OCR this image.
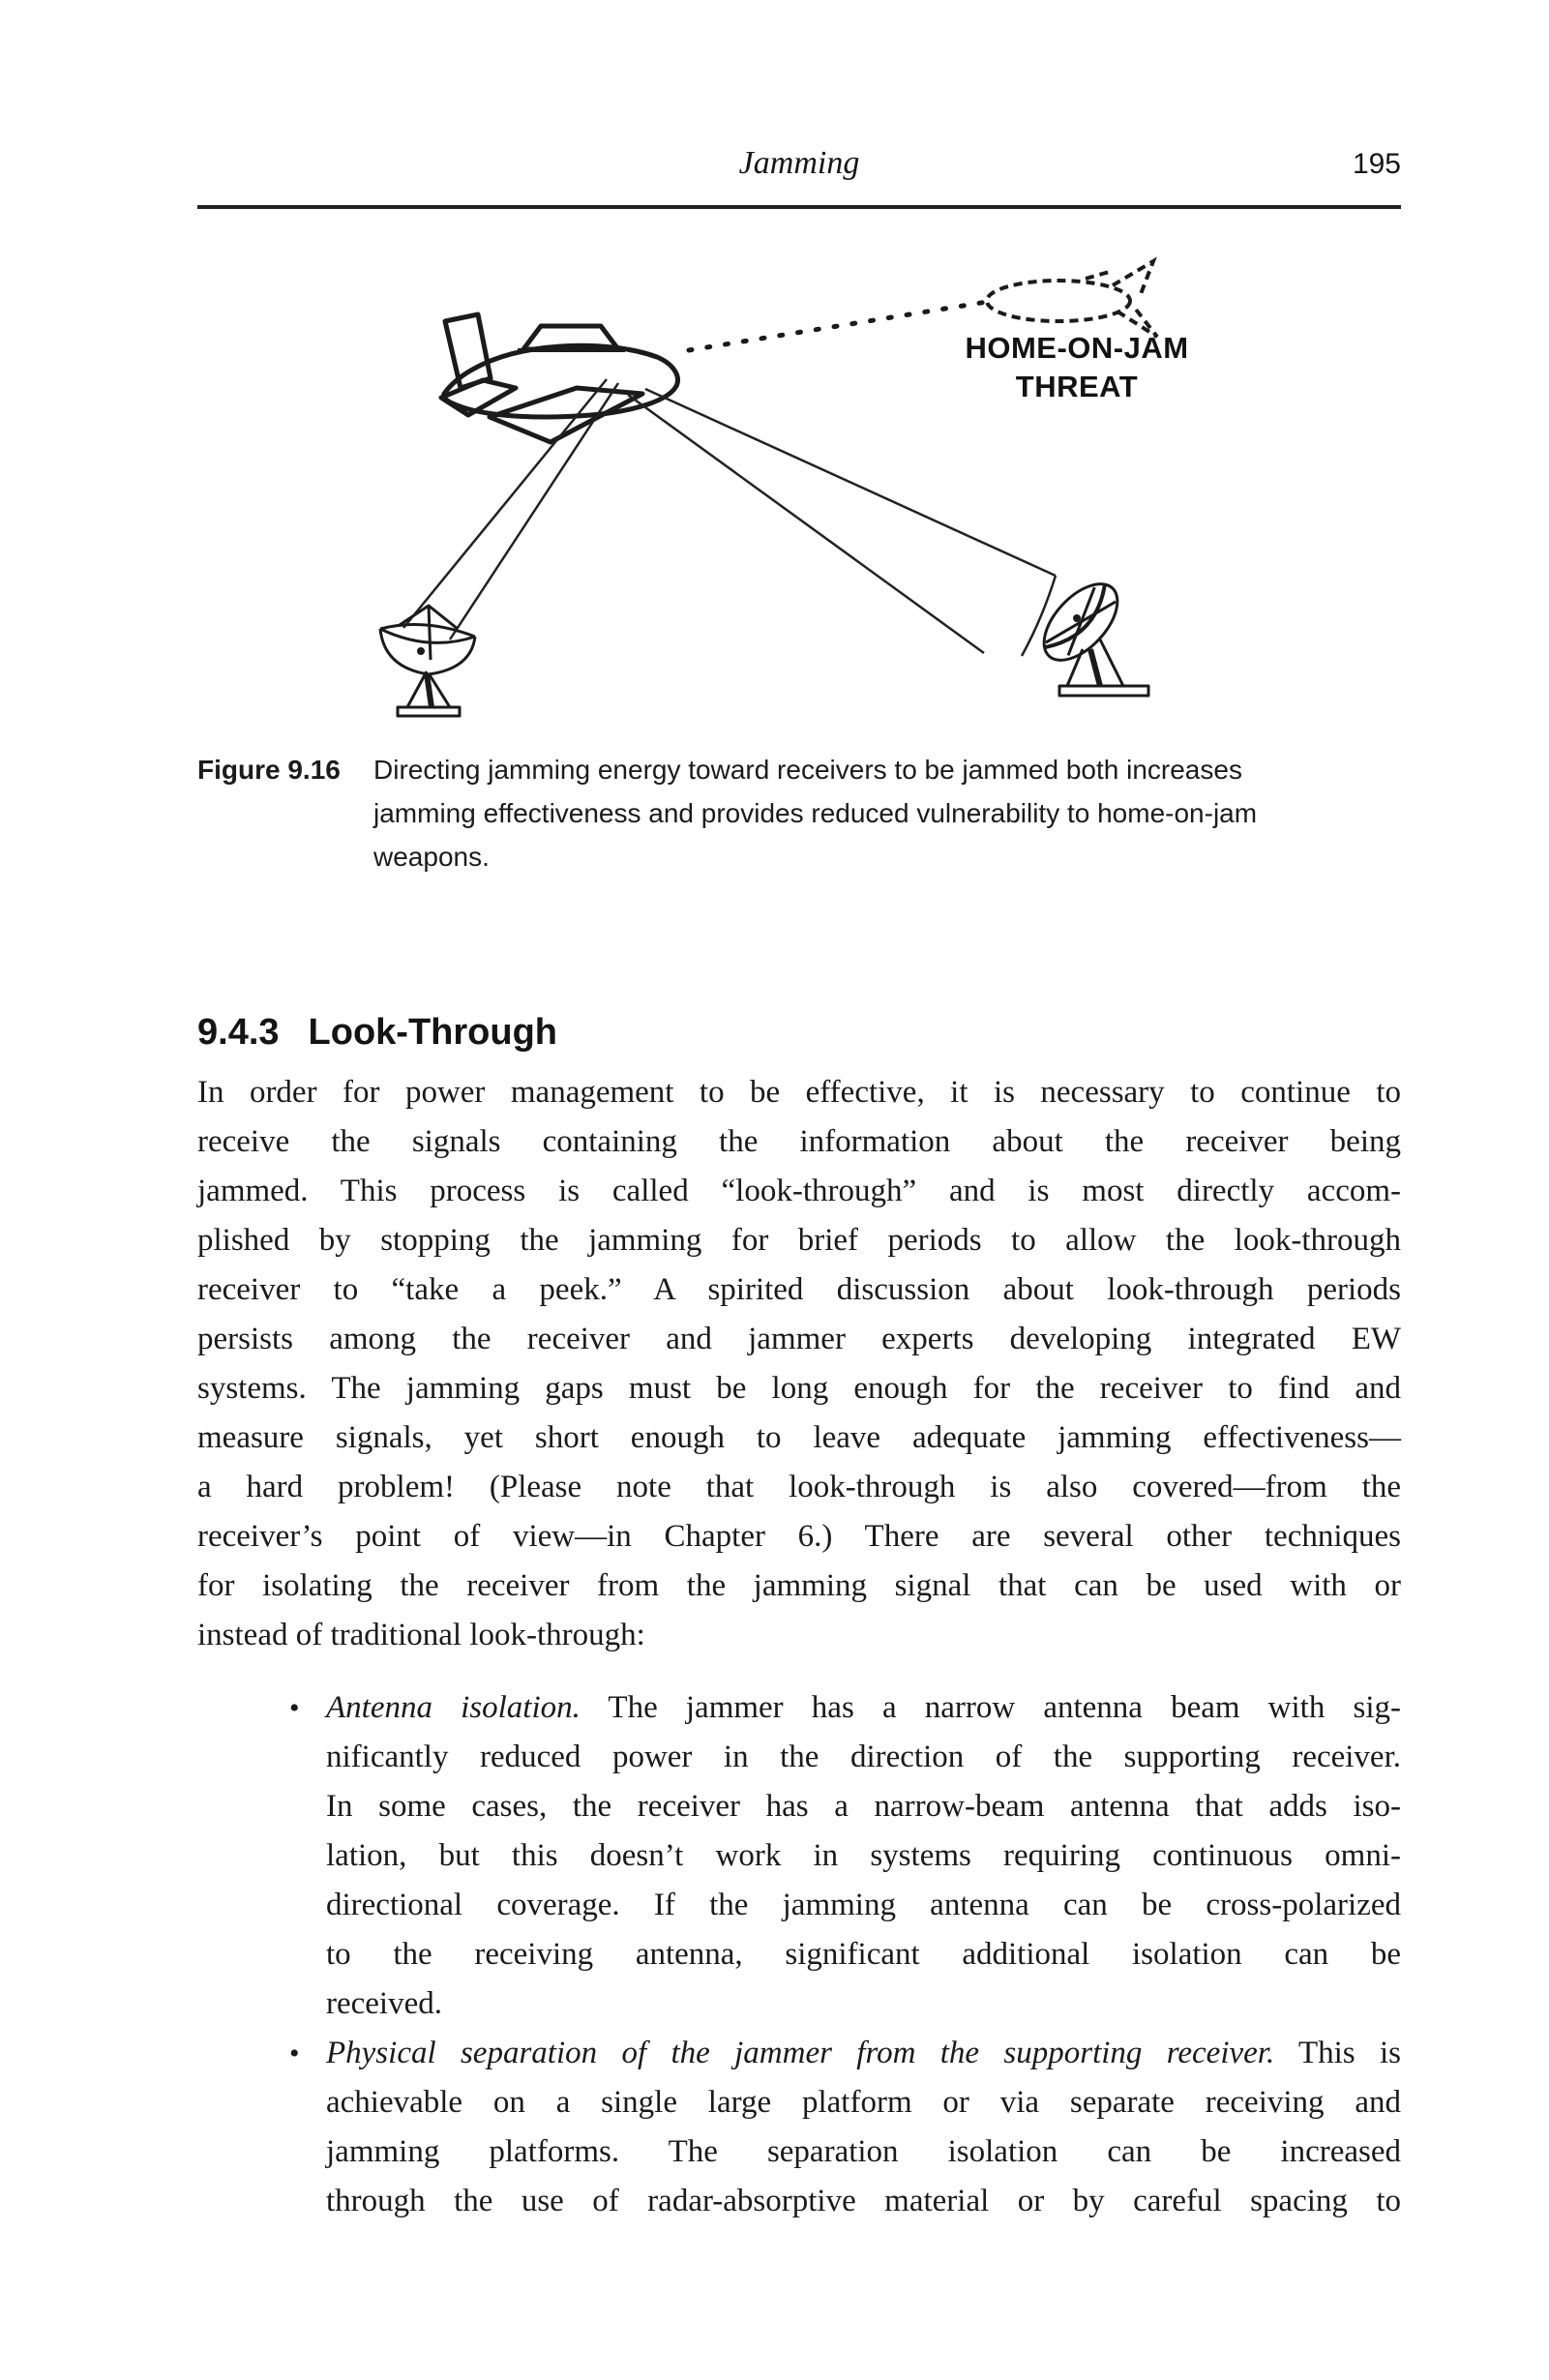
Jamming	195
HOME-ON-JAM
THREAT
Figure 9.16 Directing jamming energy toward receivers to be jammed both increases
jamming effectiveness and provides reduced vulnerability to home-on-jam
weapons.
9.4.3 Look-Through
In order for power management to be effective, it is necessary to continue to
receive the signals containing the information about the receiver being
jammed. This process is called “look-through” and is most directly accom-
plished by stopping the jamming for brief periods to allow the look-through
receiver to “take a peek.” A spirited discussion about look-through periods
persists among the receiver and jammer experts developing integrated EW
systems. The jamming gaps must be long enough for the receiver to find and
measure signals, yet short enough to leave adequate jamming effectiveness—
a hard problem! (Please note that look-through is also covered—from the
receiver’s point of view—in Chapter 6.) There are several other techniques
for isolating the receiver from the jamming signal that can be used with or
instead of traditional look-through:
• Antenna isolation. The jammer has a narrow antenna beam with sig-
nificantly reduced power in the direction of the supporting receiver.
In some cases, the receiver has a narrow-beam antenna that adds iso-
lation, but this doesn’t work in systems requiring continuous omni-
directional coverage. If the jamming antenna can be cross-polarized
to the receiving antenna, significant additional isolation can be
received.
• Physical separation of the jammer from the supporting receiver. This is
achievable on a single large platform or via separate receiving and
jamming platforms. The separation isolation can be increased
through the use of radar-absorptive material or by careful spacing to
